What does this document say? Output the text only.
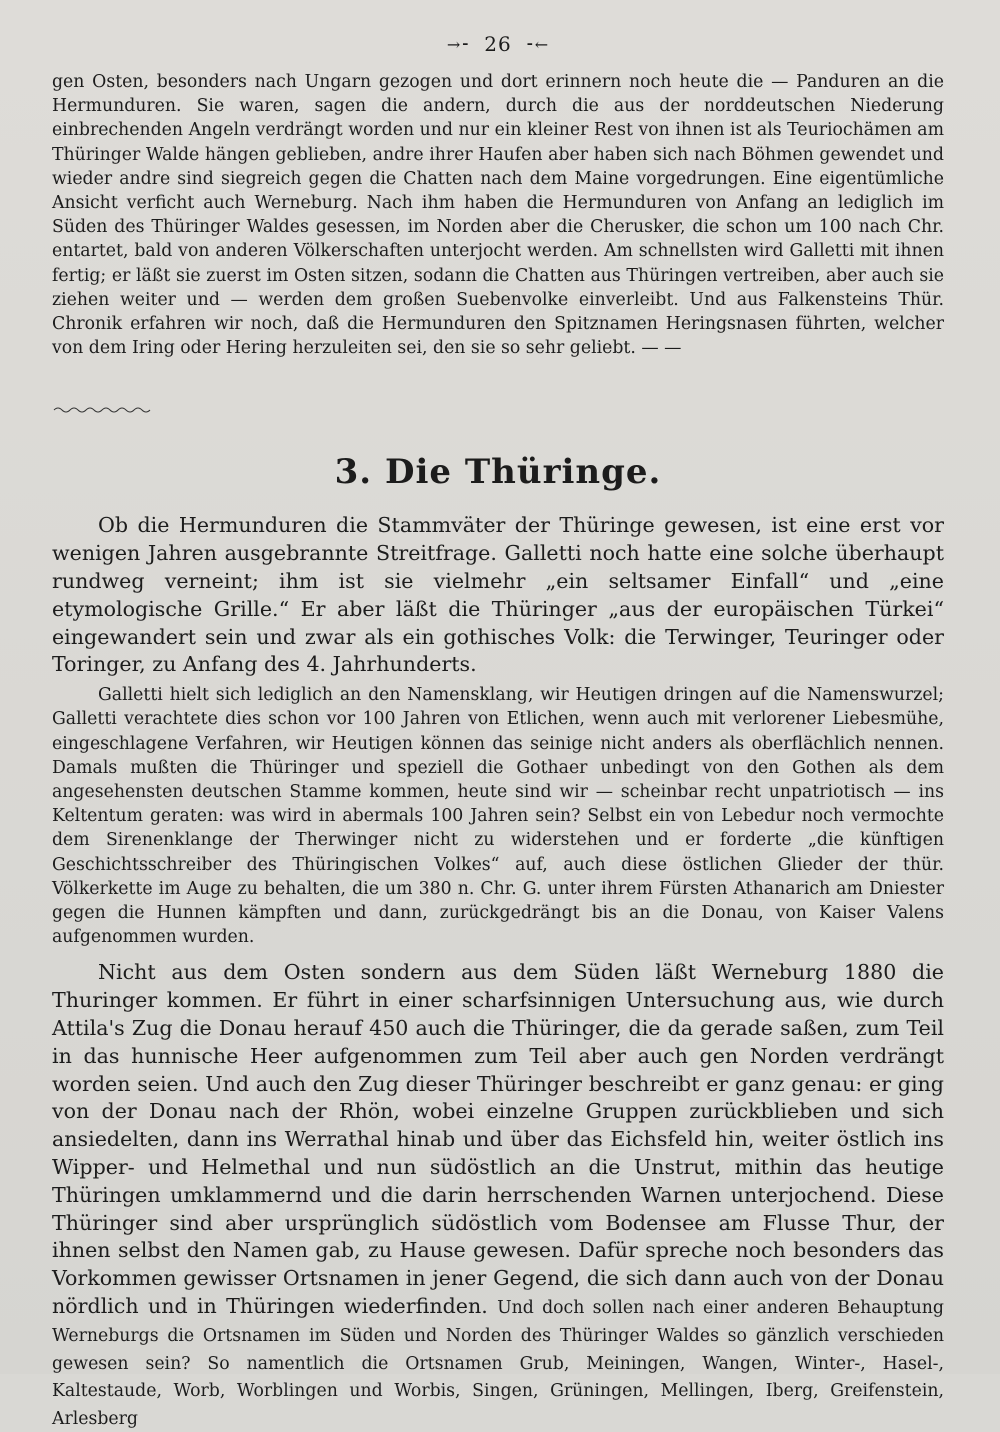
→⁃ 26 ⁃←

gen Osten, besonders nach Ungarn gezogen und dort erinnern noch heute die — Panduren an die Hermunduren. Sie waren, sagen die andern, durch die aus der norddeutschen Niederung einbrechenden Angeln verdrängt worden und nur ein kleiner Rest von ihnen ist als Teuriochämen am Thüringer Walde hängen geblieben, andre ihrer Haufen aber haben sich nach Böhmen gewendet und wieder andre sind siegreich gegen die Chatten nach dem Maine vorgedrungen. Eine eigentümliche Ansicht verficht auch Werneburg. Nach ihm haben die Hermunduren von Anfang an lediglich im Süden des Thüringer Waldes gesessen, im Norden aber die Cherusker, die schon um 100 nach Chr. entartet, bald von anderen Völkerschaften unterjocht werden. Am schnellsten wird Galletti mit ihnen fertig; er läßt sie zuerst im Osten sitzen, sodann die Chatten aus Thüringen vertreiben, aber auch sie ziehen weiter und — werden dem großen Suebenvolke einverleibt. Und aus Falkensteins Thür. Chronik erfahren wir noch, daß die Hermunduren den Spitznamen Heringsnasen führten, welcher von dem Iring oder Hering herzuleiten sei, den sie so sehr geliebt. — —

3. Die Thüringe.

Ob die Hermunduren die Stammväter der Thüringe gewesen, ist eine erst vor wenigen Jahren ausgebrannte Streitfrage. Galletti noch hatte eine solche überhaupt rundweg verneint; ihm ist sie vielmehr „ein seltsamer Einfall“ und „eine etymologische Grille.“ Er aber läßt die Thüringer „aus der europäischen Türkei“ eingewandert sein und zwar als ein gothisches Volk: die Terwinger, Teuringer oder Toringer, zu Anfang des 4. Jahrhunderts.

Galletti hielt sich lediglich an den Namensklang, wir Heutigen dringen auf die Namenswurzel; Galletti verachtete dies schon vor 100 Jahren von Etlichen, wenn auch mit verlorener Liebesmühe, eingeschlagene Verfahren, wir Heutigen können das seinige nicht anders als oberflächlich nennen. Damals mußten die Thüringer und speziell die Gothaer unbedingt von den Gothen als dem angesehensten deutschen Stamme kommen, heute sind wir — scheinbar recht unpatriotisch — ins Keltentum geraten: was wird in abermals 100 Jahren sein? Selbst ein von Lebedur noch vermochte dem Sirenenklange der Therwinger nicht zu widerstehen und er forderte „die künftigen Geschichtsschreiber des Thüringischen Volkes“ auf, auch diese östlichen Glieder der thür. Völkerkette im Auge zu behalten, die um 380 n. Chr. G. unter ihrem Fürsten Athanarich am Dniester gegen die Hunnen kämpften und dann, zurückgedrängt bis an die Donau, von Kaiser Valens aufgenommen wurden.

Nicht aus dem Osten sondern aus dem Süden läßt Werneburg 1880 die Thuringer kommen. Er führt in einer scharfsinnigen Untersuchung aus, wie durch Attila's Zug die Donau herauf 450 auch die Thüringer, die da gerade saßen, zum Teil in das hunnische Heer aufgenommen zum Teil aber auch gen Norden verdrängt worden seien. Und auch den Zug dieser Thüringer beschreibt er ganz genau: er ging von der Donau nach der Rhön, wobei einzelne Gruppen zurückblieben und sich ansiedelten, dann ins Werrathal hinab und über das Eichsfeld hin, weiter östlich ins Wipper- und Helmethal und nun südöstlich an die Unstrut, mithin das heutige Thüringen umklammernd und die darin herrschenden Warnen unterjochend. Diese Thüringer sind aber ursprünglich südöstlich vom Bodensee am Flusse Thur, der ihnen selbst den Namen gab, zu Hause gewesen. Dafür spreche noch besonders das Vorkommen gewisser Ortsnamen in jener Gegend, die sich dann auch von der Donau nördlich und in Thüringen wiederfinden. Und doch sollen nach einer anderen Behauptung Werneburgs die Ortsnamen im Süden und Norden des Thüringer Waldes so gänzlich verschieden gewesen sein? So namentlich die Ortsnamen Grub, Meiningen, Wangen, Winter-, Hasel-, Kaltestaude, Worb, Worblingen und Worbis, Singen, Grüningen, Mellingen, Iberg, Greifenstein, Arlesberg
